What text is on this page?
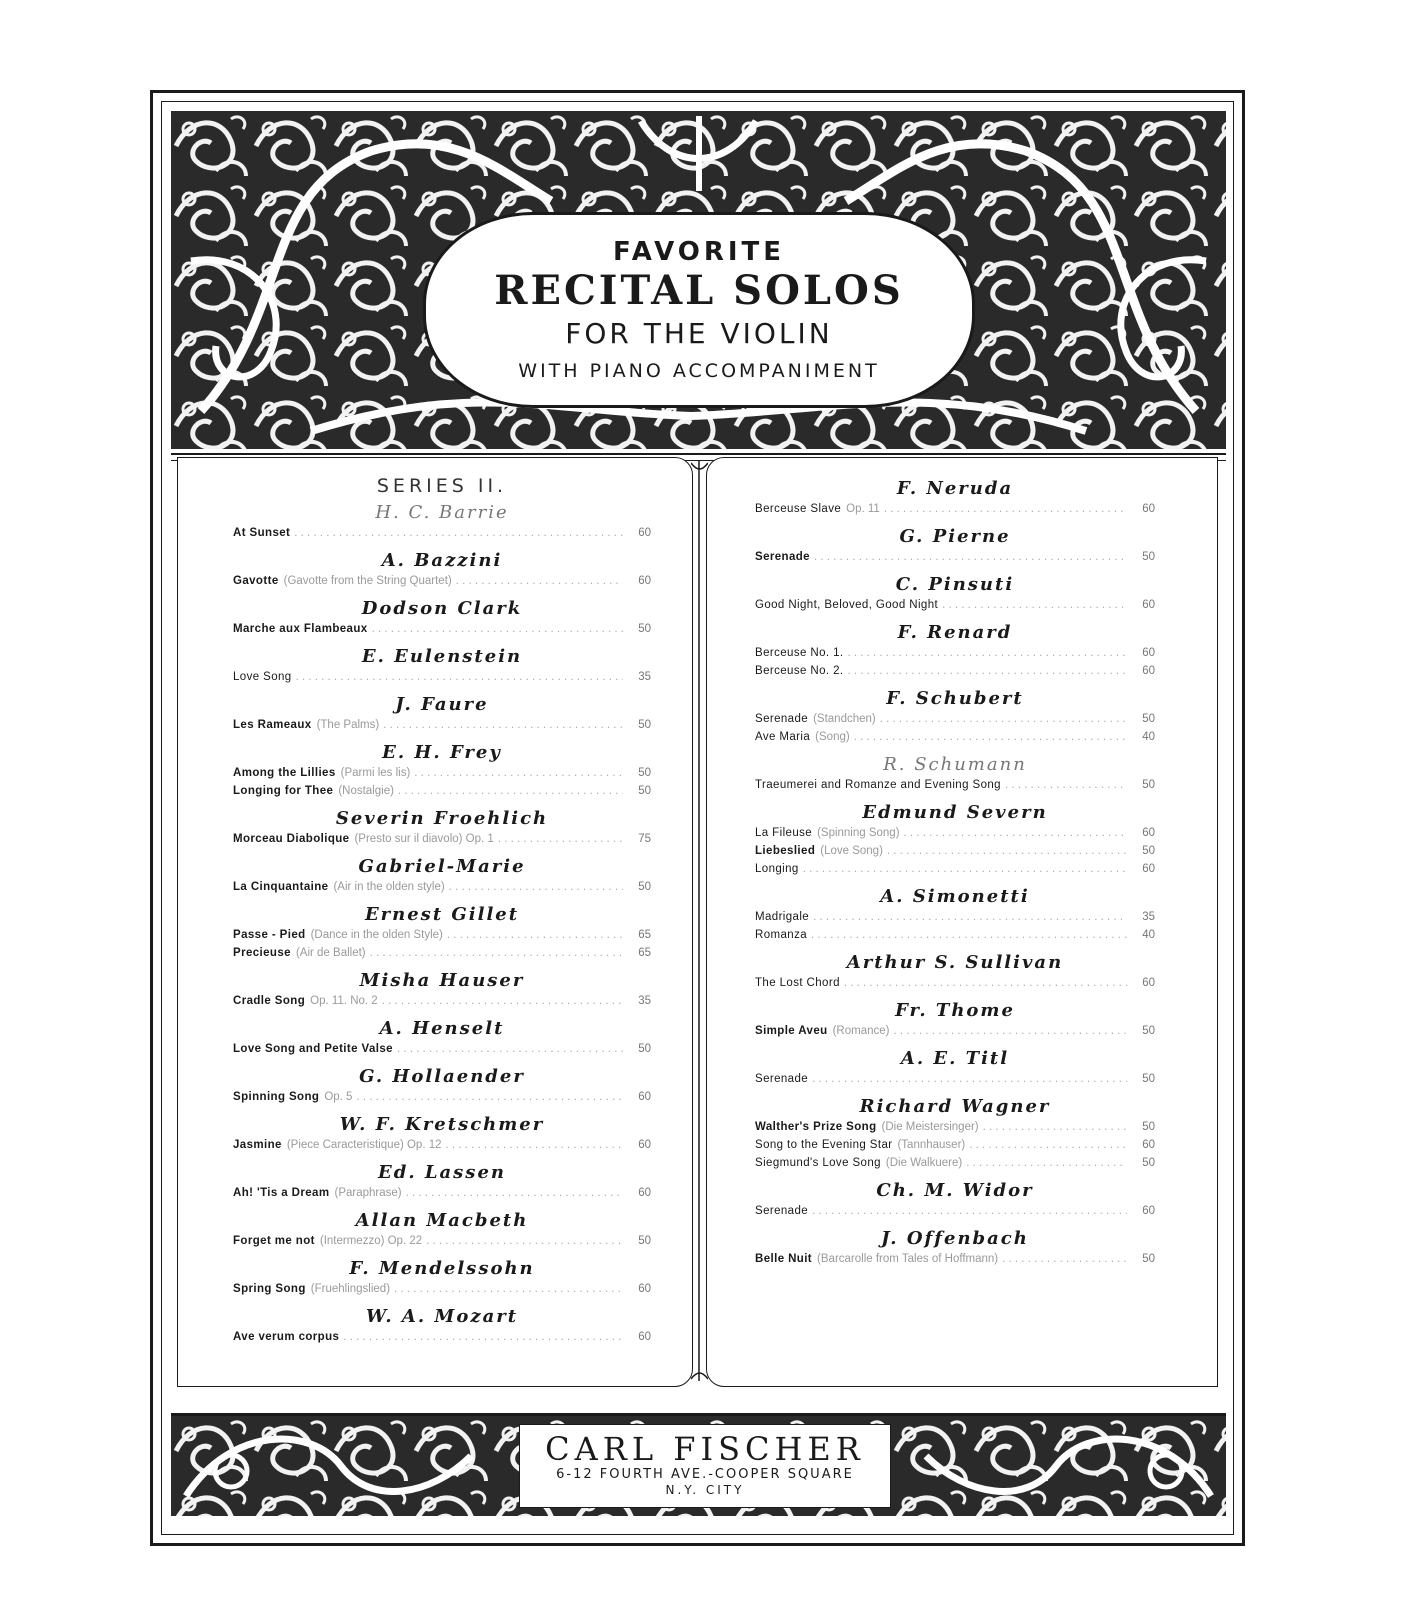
FAVORITE
RECITAL SOLOS
FOR THE VIOLIN
WITH PIANO ACCOMPANIMENT
SERIES II.
H. C. Barrie
At Sunset . . .	60
A. Bazzini
Gavotte (Gavotte from the String Quartet) . . .	60
Dodson Clark
Marche aux Flambeaux . . .	50
E. Eulenstein
Love Song . . .	35
J. Faure
Les Rameaux (The Palms) . . .	50
E. H. Frey
Among the Lillies (Parmi les lis) . . .	50
Longing for Thee (Nostalgie) . . .	50
Severin Froehlich
Morceau Diabolique (Presto sur il diavolo) Op. 1 . . .	75
Gabriel-Marie
La Cinquantaine (Air in the olden style) . . .	50
Ernest Gillet
Passe - Pied (Dance in the olden Style) . . .	65
Precieuse (Air de Ballet) . . .	65
Misha Hauser
Cradle Song Op. 11. No. 2 . . .	35
A. Henselt
Love Song and Petite Valse . . .	50
G. Hollaender
Spinning Song Op. 5 . . .	60
W. F. Kretschmer
Jasmine (Piece Caracteristique) Op. 12 . . .	60
Ed. Lassen
Ah! 'Tis a Dream (Paraphrase) . . .	60
Allan Macbeth
Forget me not (Intermezzo) Op. 22 . . .	50
F. Mendelssohn
Spring Song (Fruehlingslied) . . .	60
W. A. Mozart
Ave verum corpus . . .	60
F. Neruda
Berceuse Slave Op. 11 . . .	60
G. Pierne
Serenade . . .	50
C. Pinsuti
Good Night, Beloved, Good Night . . .	60
F. Renard
Berceuse No. 1. . . .	60
Berceuse No. 2. . . .	60
F. Schubert
Serenade (Standchen) . . .	50
Ave Maria (Song) . . .	40
R. Schumann
Traeumerei and Romanze and Evening Song . . .	50
Edmund Severn
La Fileuse (Spinning Song) . . .	60
Liebeslied (Love Song) . . .	50
Longing . . .	60
A. Simonetti
Madrigale . . .	35
Romanza . . .	40
Arthur S. Sullivan
The Lost Chord . . .	60
Fr. Thome
Simple Aveu (Romance) . . .	50
A. E. Titl
Serenade . . .	50
Richard Wagner
Walther's Prize Song (Die Meistersinger) . . .	50
Song to the Evening Star (Tannhauser) . . .	60
Siegmund's Love Song (Die Walkuere) . . .	50
Ch. M. Widor
Serenade . . .	60
J. Offenbach
Belle Nuit (Barcarolle from Tales of Hoffmann) . . .	50
CARL FISCHER
6-12 FOURTH AVE.-COOPER SQUARE
N.Y. CITY
